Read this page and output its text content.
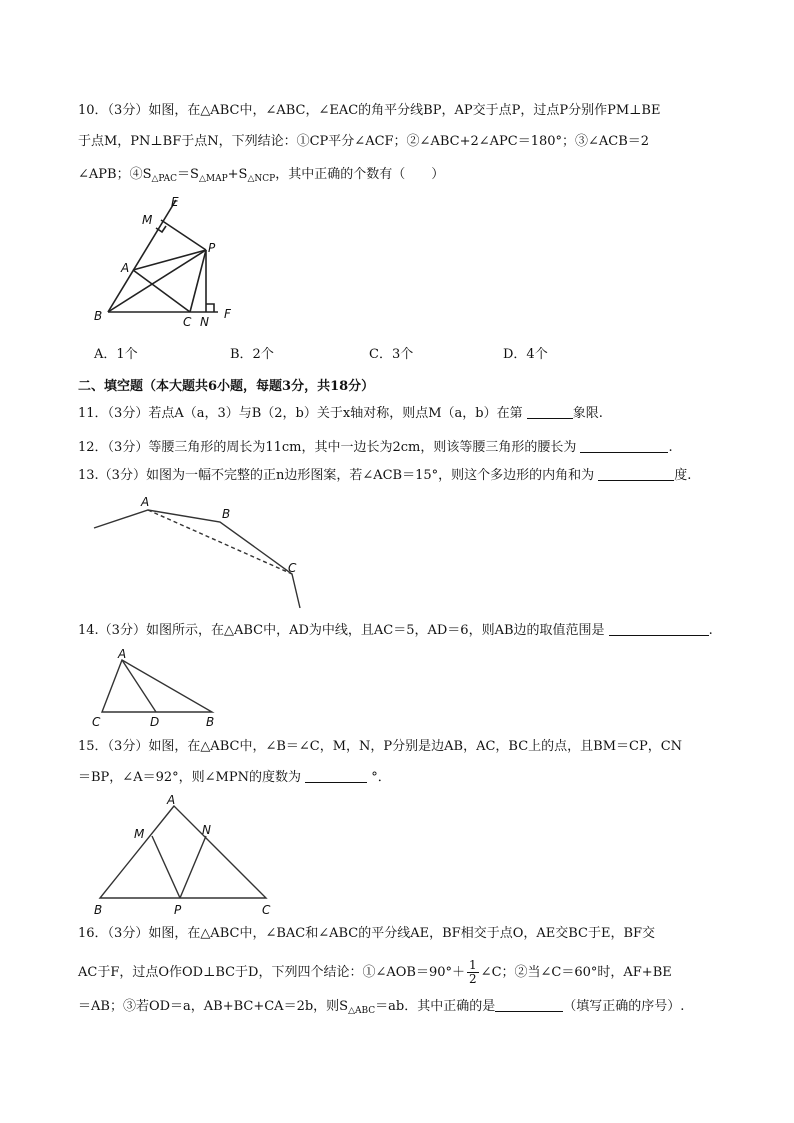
10．（3分）如图，在△ABC中，∠ABC，∠EAC的角平分线BP，AP交于点P，过点P分别作PM⊥BE
于点M，PN⊥BF于点N，下列结论：①CP平分∠ACF；②∠ABC+2∠APC＝180°；③∠ACB＝2
∠APB；$④S_{\triangle PAC}=S_{\triangle MAP}+S_{\triangle NCP}$，其中正确的个数有（　　）
E
M
P
A
B	C N
F
A．1个	B．2个	C．3个	D．4个
二、填空题（本大题共6小题，每题3分，共18分）
11．（3分）若点A（a，3）与B（2，b）关于x轴对称，则点M（a，b）在第	象限.
12．（3分）等腰三角形的周长为11cm，其中一边长为2cm，则该等腰三角形的腰长为	.
13.（3分）如图为一幅不完整的正n边形图案，若∠ACB＝15°，则这个多边形的内角和为	度.
A
B
C
14.（3分）如图所示，在△ABC中，AD为中线，且AC＝5，AD＝6，则AB边的取值范围是	.
A
C	D	B
15．（3分）如图，在△ABC中，∠B＝∠C，M，N，P分别是边AB，AC，BC上的点，且BM＝CP，CN
＝BP，∠A＝92°，则∠MPN的度数为	°．
A
M	N
B	P	C
16．（3分）如图，在△ABC中，∠BAC和∠ABC的平分线AE，BF相交于点O，AE交BC于E，BF交
AC于F，过点O作OD⊥BC于D，下列四个结论：①∠AOB＝90°＋ $\frac{1}{2}$ ∠C；②当∠C＝60°时，AF+BE
＝AB；③若OD＝a，AB+BC+CA＝2b，则$S_{\triangle ABC}=ab$．其中正确的是	（填写正确的序号）.
